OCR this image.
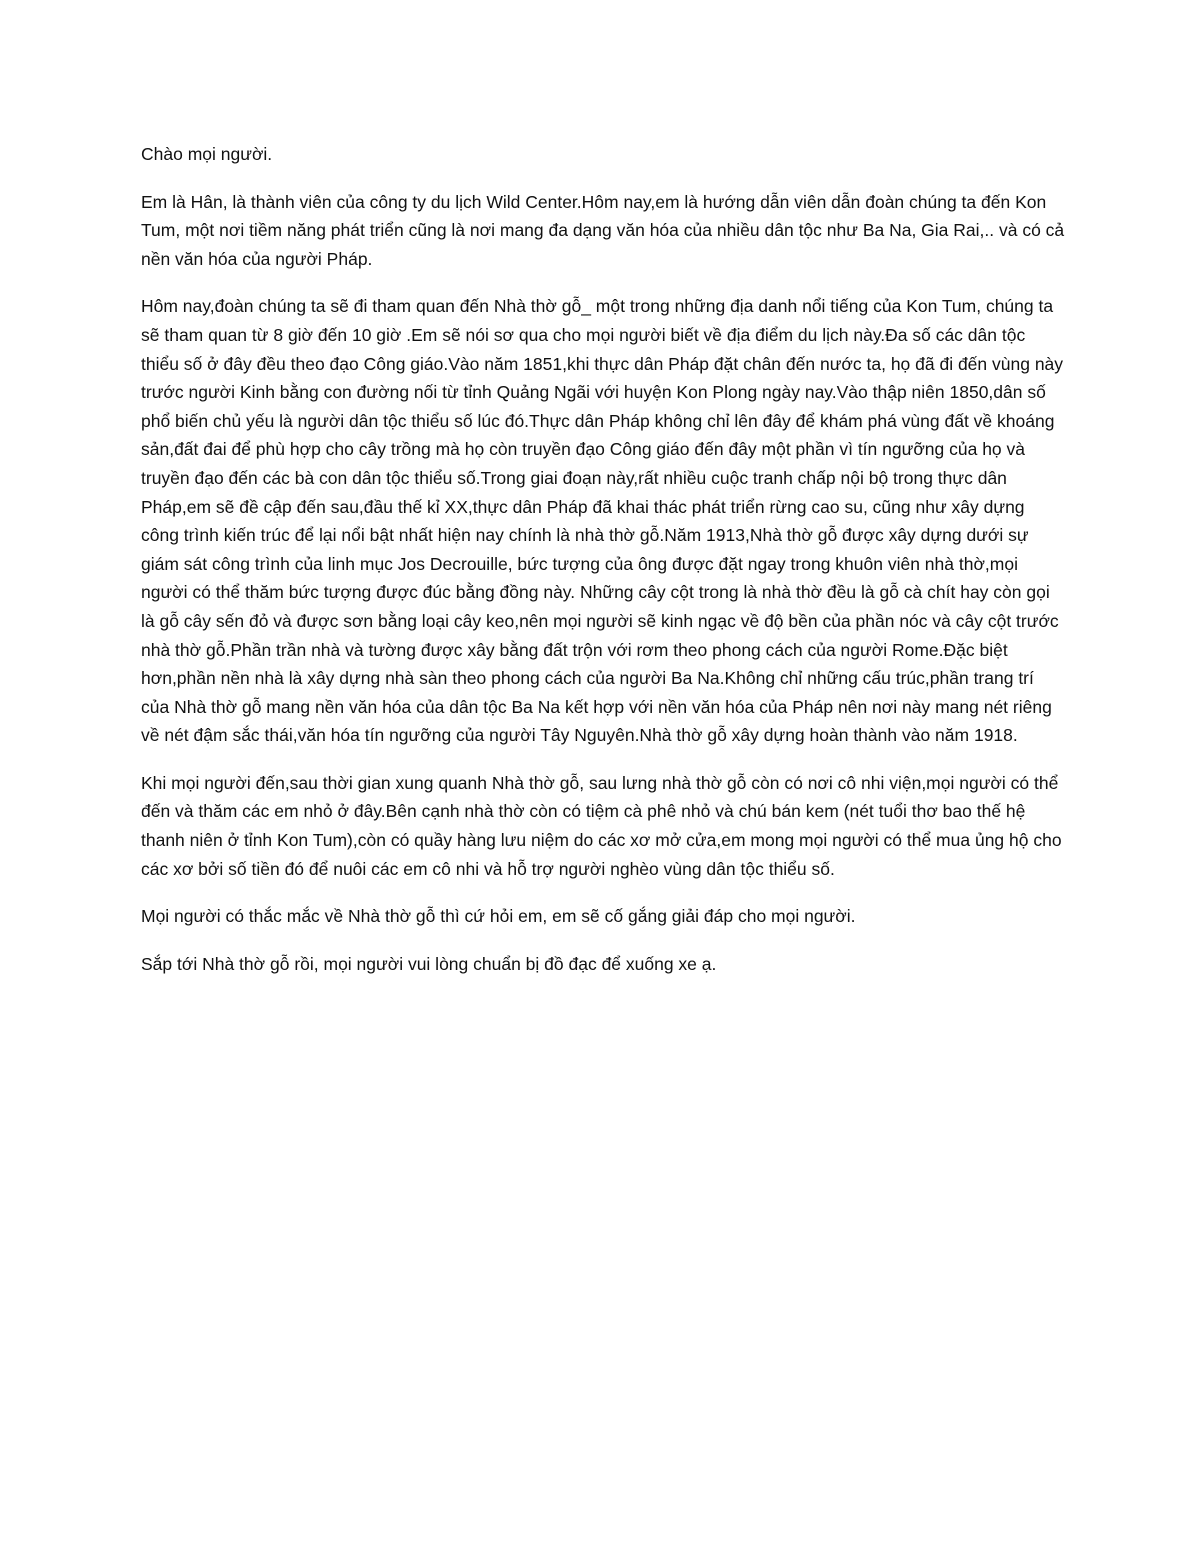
Chào mọi người.

Em là Hân, là thành viên của công ty du lịch Wild Center.Hôm nay,em là hướng dẫn viên dẫn đoàn chúng ta đến Kon Tum, một nơi tiềm năng phát triển cũng là nơi mang đa dạng văn hóa của nhiều dân tộc như Ba Na, Gia Rai,.. và có cả nền văn hóa của người Pháp.

Hôm nay,đoàn chúng ta sẽ đi tham quan đến Nhà thờ gỗ_ một trong những địa danh nổi tiếng của Kon Tum, chúng ta sẽ tham quan từ 8 giờ đến 10 giờ .Em sẽ nói sơ qua cho mọi người biết về địa điểm du lịch này.Đa số các dân tộc thiểu số ở đây đều theo đạo Công giáo.Vào năm 1851,khi thực dân Pháp đặt chân đến nước ta, họ đã đi đến vùng này trước người Kinh bằng con đường nối từ tỉnh Quảng Ngãi với huyện Kon Plong ngày nay.Vào thập niên 1850,dân số phổ biến chủ yếu là người dân tộc thiểu số lúc đó.Thực dân Pháp không chỉ lên đây để khám phá vùng đất về khoáng sản,đất đai để phù hợp cho cây trồng mà họ còn truyền đạo Công giáo đến đây một phần vì tín ngưỡng của họ và truyền đạo đến các bà con dân tộc thiểu số.Trong giai đoạn này,rất nhiều cuộc tranh chấp nội bộ trong thực dân Pháp,em sẽ đề cập đến sau,đầu thế kỉ XX,thực dân Pháp đã khai thác phát triển rừng cao su, cũng như xây dựng công trình kiến trúc để lại nổi bật nhất hiện nay chính là nhà thờ gỗ.Năm 1913,Nhà thờ gỗ được xây dựng dưới sự giám sát công trình của linh mục Jos Decrouille, bức tượng của ông được đặt ngay trong khuôn viên nhà thờ,mọi người có thể thăm bức tượng được đúc bằng đồng này. Những cây cột trong là nhà thờ đều là gỗ cà chít hay còn gọi là gỗ cây sến đỏ và được sơn bằng loại cây keo,nên mọi người sẽ kinh ngạc về độ bền của phần nóc và cây cột trước nhà thờ gỗ.Phần trần nhà và tường được xây bằng đất trộn với rơm theo phong cách của người Rome.Đặc biệt hơn,phần nền nhà là xây dựng nhà sàn theo phong cách của người Ba Na.Không chỉ những cấu trúc,phần trang trí của Nhà thờ gỗ mang nền văn hóa của dân tộc Ba Na kết hợp với nền văn hóa của Pháp nên nơi này mang nét riêng về nét đậm sắc thái,văn hóa tín ngưỡng của người Tây Nguyên.Nhà thờ gỗ xây dựng hoàn thành vào năm 1918.

Khi mọi người đến,sau thời gian xung quanh Nhà thờ gỗ, sau lưng nhà thờ gỗ còn có nơi cô nhi viện,mọi người có thể đến và thăm các em nhỏ ở đây.Bên cạnh nhà thờ còn có tiệm cà phê nhỏ và chú bán kem (nét tuổi thơ bao thế hệ thanh niên ở tỉnh Kon Tum),còn có quầy hàng lưu niệm do các xơ mở cửa,em mong mọi người có thể mua ủng hộ cho các xơ bởi số tiền đó để nuôi các em cô nhi và hỗ trợ người nghèo vùng dân tộc thiểu số.

Mọi người có thắc mắc về Nhà thờ gỗ thì cứ hỏi em, em sẽ cố gắng giải đáp cho mọi người.

Sắp tới Nhà thờ gỗ rồi, mọi người vui lòng chuẩn bị đồ đạc để xuống xe ạ.
